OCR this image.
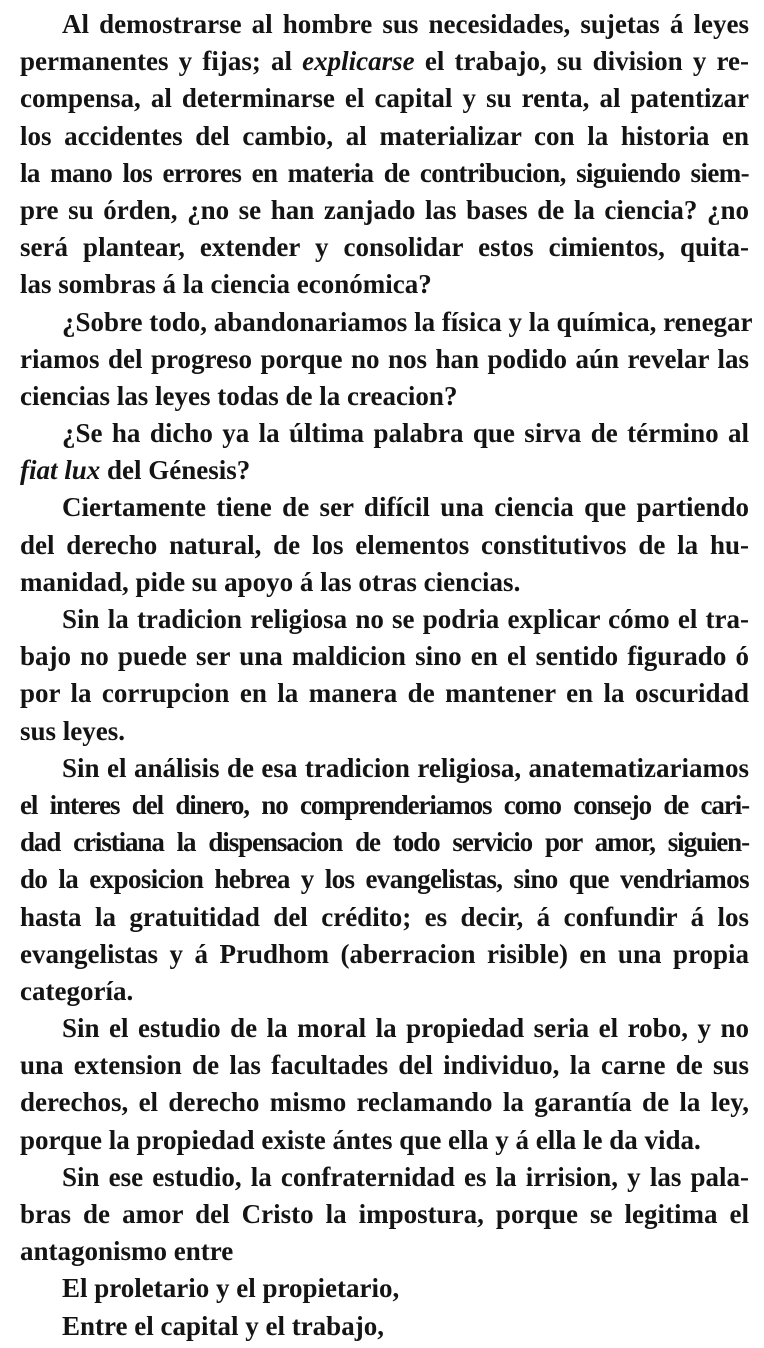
Al demostrarse al hombre sus necesidades, sujetas á leyes
permanentes y fijas; al explicarse el trabajo, su division y re-
compensa, al determinarse el capital y su renta, al patentizar
los accidentes del cambio, al materializar con la historia en
la mano los errores en materia de contribucion, siguiendo siem-
pre su órden, ¿no se han zanjado las bases de la ciencia? ¿no
será plantear, extender y consolidar estos cimientos, quita-
las sombras á la ciencia económica?
¿Sobre todo, abandonariamos la física y la química, renegar
riamos del progreso porque no nos han podido aún revelar las
ciencias las leyes todas de la creacion?
¿Se ha dicho ya la última palabra que sirva de término al
fiat lux del Génesis?
Ciertamente tiene de ser difícil una ciencia que partiendo
del derecho natural, de los elementos constitutivos de la hu-
manidad, pide su apoyo á las otras ciencias.
Sin la tradicion religiosa no se podria explicar cómo el tra-
bajo no puede ser una maldicion sino en el sentido figurado ó
por la corrupcion en la manera de mantener en la oscuridad
sus leyes.
Sin el análisis de esa tradicion religiosa, anatematizariamos
el interes del dinero, no comprenderiamos como consejo de cari-
dad cristiana la dispensacion de todo servicio por amor, siguien-
do la exposicion hebrea y los evangelistas, sino que vendriamos
hasta la gratuitidad del crédito; es decir, á confundir á los
evangelistas y á Prudhom (aberracion risible) en una propia
categoría.
Sin el estudio de la moral la propiedad seria el robo, y no
una extension de las facultades del individuo, la carne de sus
derechos, el derecho mismo reclamando la garantía de la ley,
porque la propiedad existe ántes que ella y á ella le da vida.
Sin ese estudio, la confraternidad es la irrision, y las pala-
bras de amor del Cristo la impostura, porque se legitima el
antagonismo entre
El proletario y el propietario,
Entre el capital y el trabajo,
